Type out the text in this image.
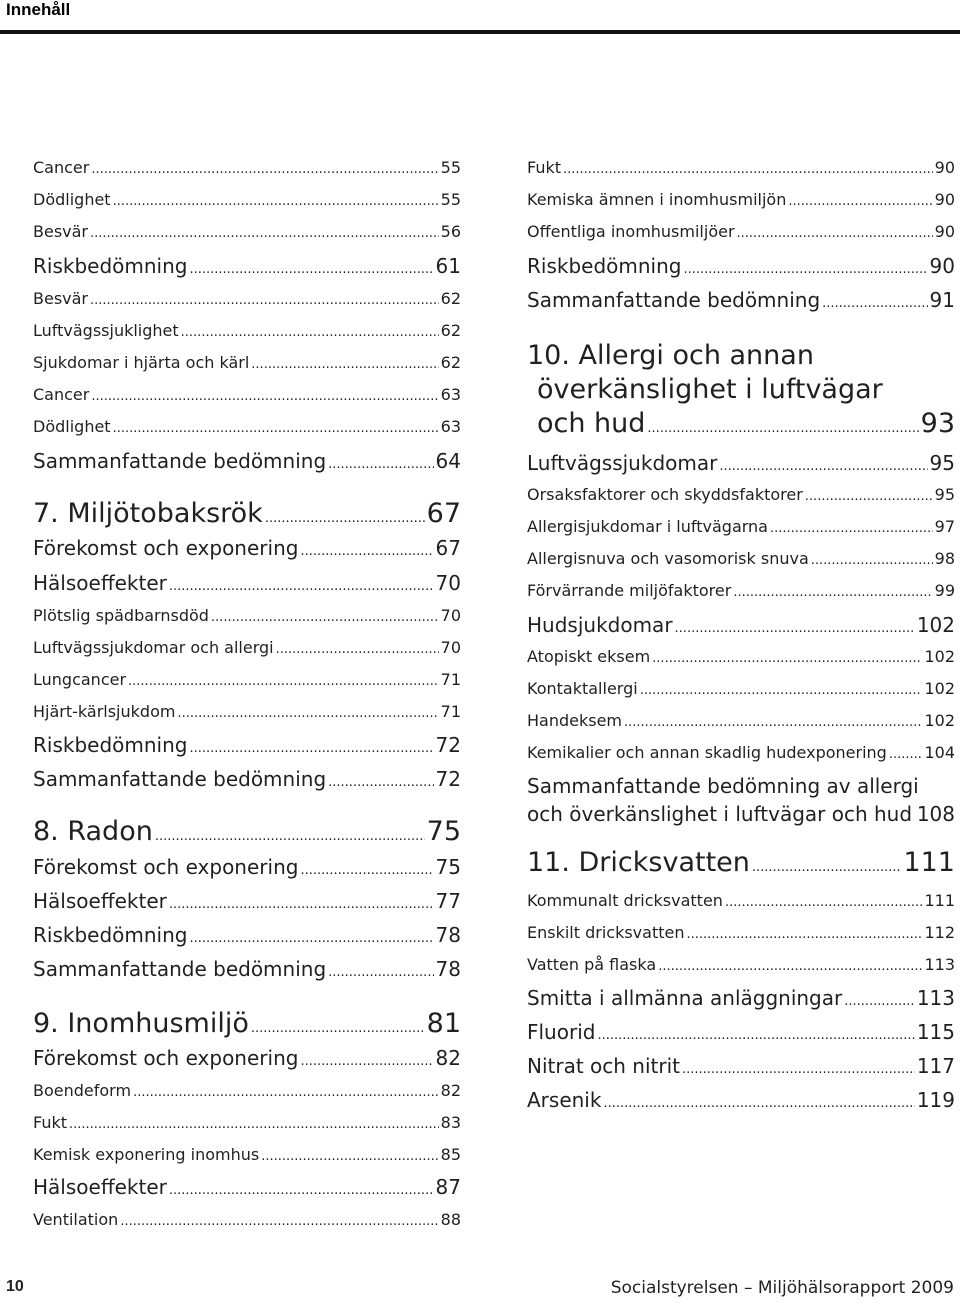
Innehåll
Cancer .....	55
Dödlighet .....	55
Besvär .....	56
Riskbedömning .....	61
Besvär .....	62
Luftvägssjuklighet .....	62
Sjukdomar i hjärta och kärl .....	62
Cancer .....	63
Dödlighet .....	63
Sammanfattande bedömning .....	64
7. Miljötobaksrök .....	67
Förekomst och exponering .....	67
Hälsoeffekter .....	70
Plötslig spädbarnsdöd .....	70
Luftvägssjukdomar och allergi .....	70
Lungcancer .....	71
Hjärt-kärlsjukdom .....	71
Riskbedömning .....	72
Sammanfattande bedömning .....	72
8. Radon .....	75
Förekomst och exponering .....	75
Hälsoeffekter .....	77
Riskbedömning .....	78
Sammanfattande bedömning .....	78
9. Inomhusmiljö .....	81
Förekomst och exponering .....	82
Boendeform .....	82
Fukt .....	83
Kemisk exponering inomhus .....	85
Hälsoeffekter .....	87
Ventilation .....	88
Fukt .....	90
Kemiska ämnen i inomhusmiljön .....	90
Offentliga inomhusmiljöer .....	90
Riskbedömning .....	90
Sammanfattande bedömning .....	91
10. Allergi och annan
överkänslighet i luftvägar
och hud .....	93
Luftvägssjukdomar .....	95
Orsaksfaktorer och skyddsfaktorer .....	95
Allergisjukdomar i luftvägarna .....	97
Allergisnuva och vasomorisk snuva .....	98
Förvärrande miljöfaktorer .....	99
Hudsjukdomar .....	102
Atopiskt eksem .....	102
Kontaktallergi .....	102
Handeksem .....	102
Kemikalier och annan skadlig hudexponering ..... 104
Sammanfattande bedömning av allergi
och överkänslighet i luftvägar och hud ..... 108
11. Dricksvatten .....	111
Kommunalt dricksvatten .....	111
Enskilt dricksvatten .....	112
Vatten på flaska .....	113
Smitta i allmänna anläggningar .....	113
Fluorid .....	115
Nitrat och nitrit .....	117
Arsenik .....	119
10	Socialstyrelsen – Miljöhälsorapport 2009
